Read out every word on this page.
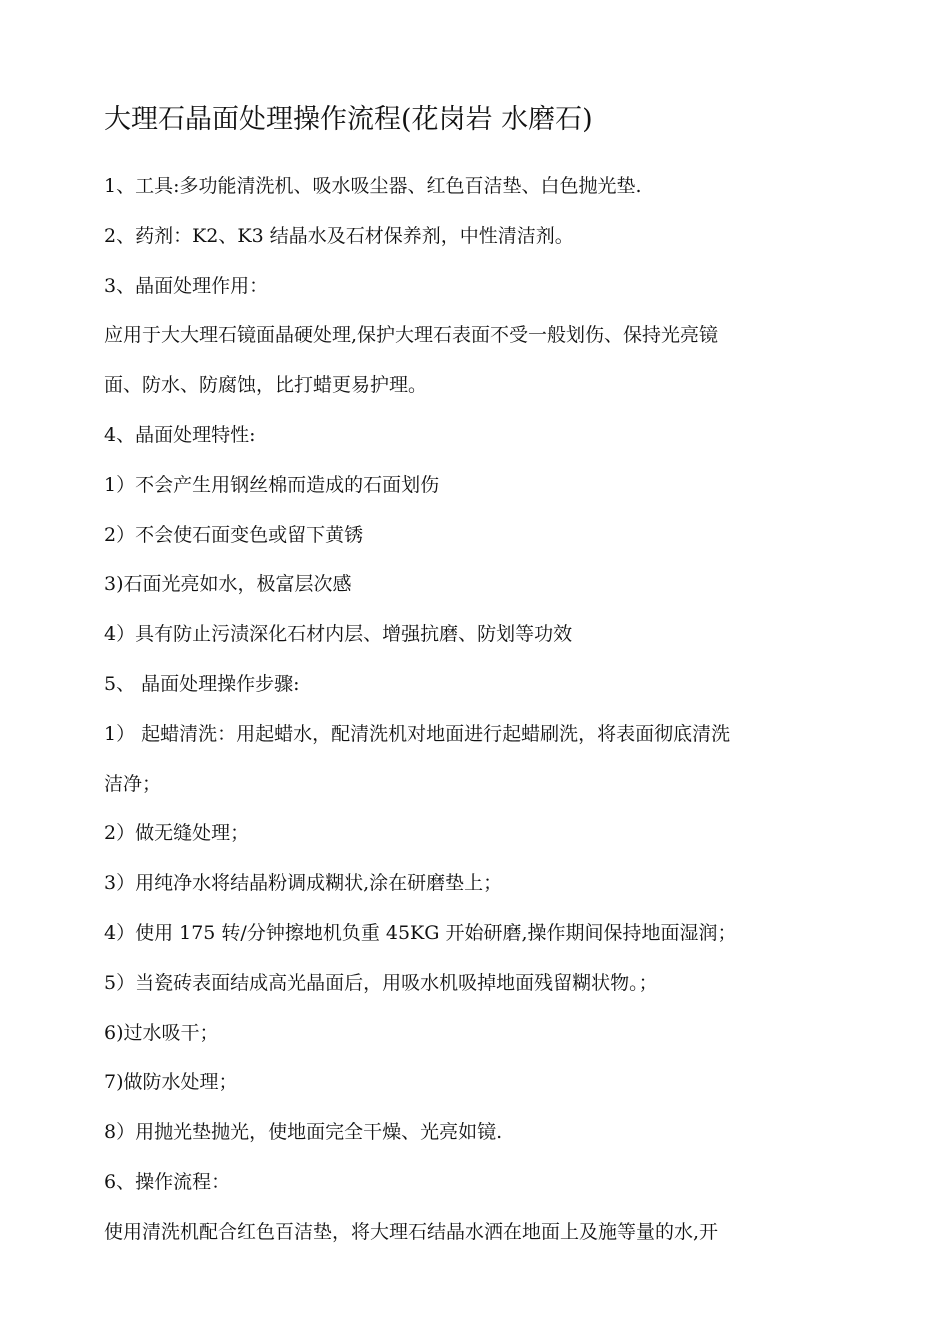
大理石晶面处理操作流程(花岗岩 水磨石)
1、工具:多功能清洗机、吸水吸尘器、红色百洁垫、白色抛光垫.
2、药剂：K2、K3 结晶水及石材保养剂，中性清洁剂。
3、晶面处理作用：
应用于大大理石镜面晶硬处理,保护大理石表面不受一般划伤、保持光亮镜
面、防水、防腐蚀，比打蜡更易护理。
4、晶面处理特性:
1）不会产生用钢丝棉而造成的石面划伤
2）不会使石面变色或留下黄锈
3)石面光亮如水，极富层次感
4）具有防止污渍深化石材内层、增强抗磨、防划等功效
5、 晶面处理操作步骤:
1） 起蜡清洗：用起蜡水，配清洗机对地面进行起蜡刷洗，将表面彻底清洗
洁净；
2）做无缝处理；
3）用纯净水将结晶粉调成糊状,涂在研磨垫上；
4）使用 175 转/分钟擦地机负重 45KG 开始研磨,操作期间保持地面湿润；
5）当瓷砖表面结成高光晶面后，用吸水机吸掉地面残留糊状物。；
6)过水吸干；
7)做防水处理；
8）用抛光垫抛光，使地面完全干燥、光亮如镜.
6、操作流程：
使用清洗机配合红色百洁垫，将大理石结晶水洒在地面上及施等量的水,开
